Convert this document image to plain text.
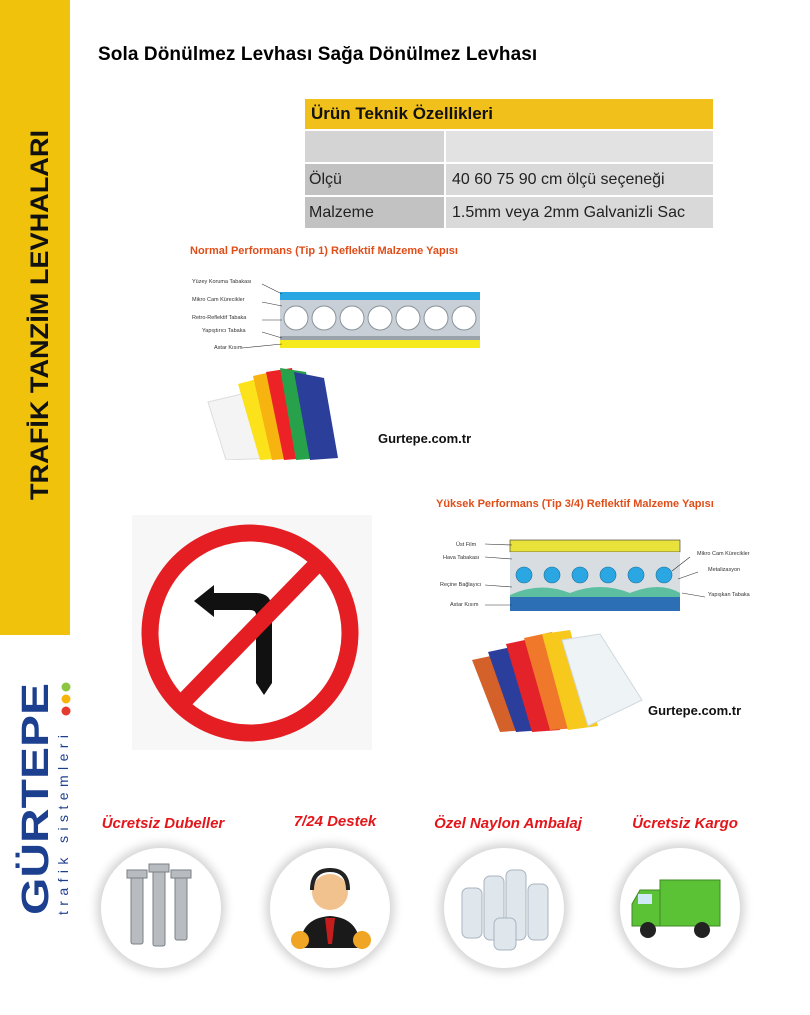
TRAFİK TANZİM LEVHALARI
GÜRTEPE
trafik sistemleri
Sola Dönülmez Levhası Sağa Dönülmez Levhası
Ürün Teknik Özellikleri
Ölçü	40 60 75 90 cm ölçü seçeneği
Malzeme	1.5mm veya 2mm Galvanizli Sac
Normal Performans (Tip 1) Reflektif Malzeme Yapısı
Yüzey Koruma Tabakası
Mikro Cam Kürecikler
Retro-Reflektif Tabaka
Yapıştırıcı Tabaka
Astar Kısım
Gurtepe.com.tr
Yüksek Performans (Tip 3/4) Reflektif Malzeme Yapısı
Üst Film
Hava Tabakası
Reçine Bağlayıcı
Astar Kısım
Mikro Cam Kürecikler
Metalizasyon
Yapışkan Tabaka
Gurtepe.com.tr
Ücretsiz Dubeller	7/24 Destek	Özel Naylon Ambalaj	Ücretsiz Kargo
